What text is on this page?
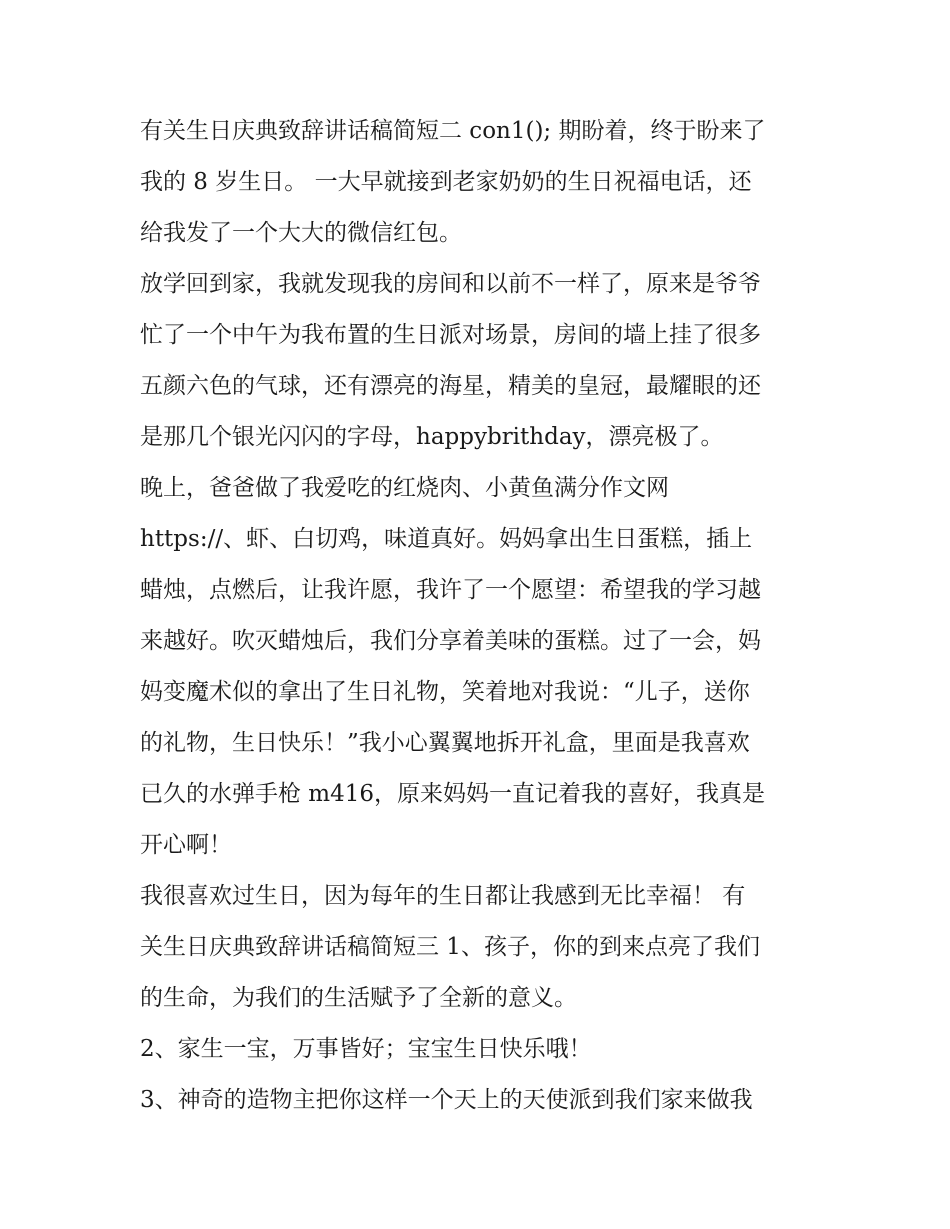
有关生日庆典致辞讲话稿简短二 con1(); 期盼着，终于盼来了
我的 8 岁生日。 一大早就接到老家奶奶的生日祝福电话，还
给我发了一个大大的微信红包。
放学回到家，我就发现我的房间和以前不一样了，原来是爷爷
忙了一个中午为我布置的生日派对场景，房间的墙上挂了很多
五颜六色的气球，还有漂亮的海星，精美的皇冠，最耀眼的还
是那几个银光闪闪的字母，happybrithday，漂亮极了。
晚上，爸爸做了我爱吃的红烧肉、小黄鱼满分作文网
https://、虾、白切鸡，味道真好。妈妈拿出生日蛋糕，插上
蜡烛，点燃后，让我许愿，我许了一个愿望：希望我的学习越
来越好。吹灭蜡烛后，我们分享着美味的蛋糕。过了一会，妈
妈变魔术似的拿出了生日礼物，笑着地对我说：“儿子，送你
的礼物，生日快乐！”我小心翼翼地拆开礼盒，里面是我喜欢
已久的水弹手枪 m416，原来妈妈一直记着我的喜好，我真是
开心啊！
我很喜欢过生日，因为每年的生日都让我感到无比幸福！ 有
关生日庆典致辞讲话稿简短三 1、孩子，你的到来点亮了我们
的生命，为我们的生活赋予了全新的意义。
2、家生一宝，万事皆好；宝宝生日快乐哦！
3、神奇的造物主把你这样一个天上的天使派到我们家来做我
